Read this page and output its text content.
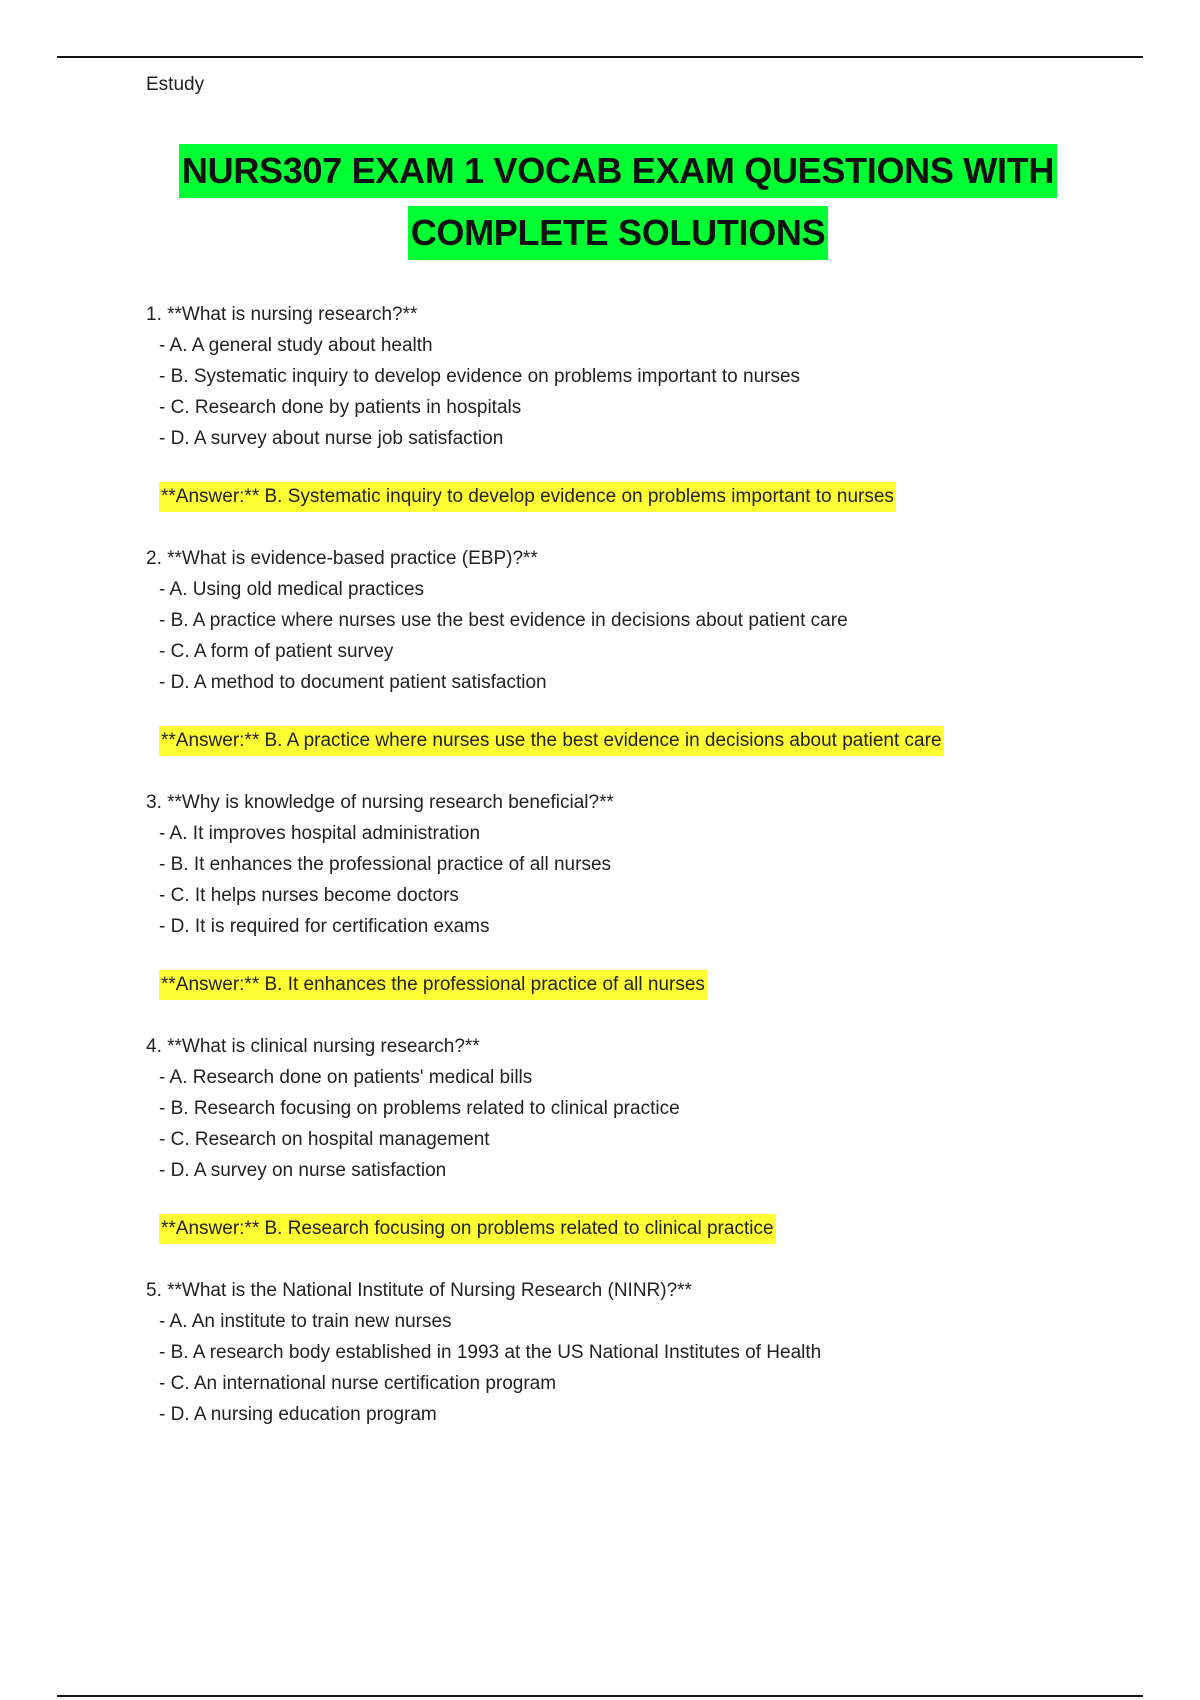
Estudy
NURS307 EXAM 1 VOCAB EXAM QUESTIONS WITH
COMPLETE SOLUTIONS
1. **What is nursing research?**
- A. A general study about health
- B. Systematic inquiry to develop evidence on problems important to nurses
- C. Research done by patients in hospitals
- D. A survey about nurse job satisfaction
**Answer:** B. Systematic inquiry to develop evidence on problems important to nurses
2. **What is evidence-based practice (EBP)?**
- A. Using old medical practices
- B. A practice where nurses use the best evidence in decisions about patient care
- C. A form of patient survey
- D. A method to document patient satisfaction
**Answer:** B. A practice where nurses use the best evidence in decisions about patient care
3. **Why is knowledge of nursing research beneficial?**
- A. It improves hospital administration
- B. It enhances the professional practice of all nurses
- C. It helps nurses become doctors
- D. It is required for certification exams
**Answer:** B. It enhances the professional practice of all nurses
4. **What is clinical nursing research?**
- A. Research done on patients' medical bills
- B. Research focusing on problems related to clinical practice
- C. Research on hospital management
- D. A survey on nurse satisfaction
**Answer:** B. Research focusing on problems related to clinical practice
5. **What is the National Institute of Nursing Research (NINR)?**
- A. An institute to train new nurses
- B. A research body established in 1993 at the US National Institutes of Health
- C. An international nurse certification program
- D. A nursing education program
